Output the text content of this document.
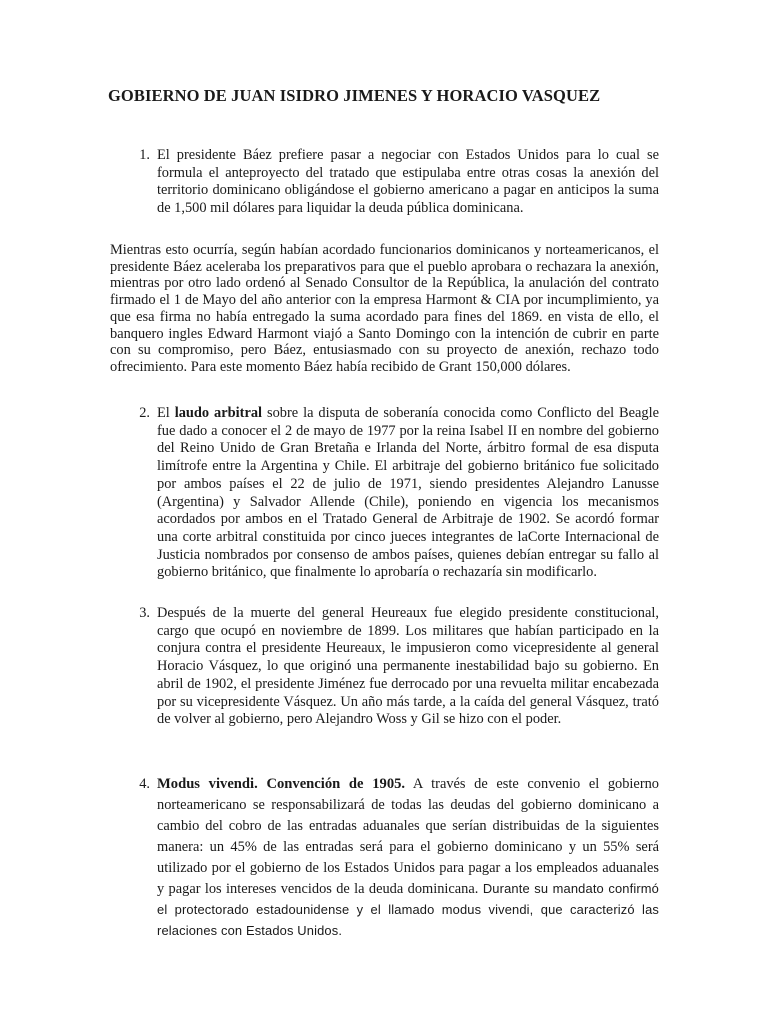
GOBIERNO DE JUAN ISIDRO JIMENES Y HORACIO VASQUEZ
1. El presidente Báez prefiere pasar a negociar con Estados Unidos para lo cual se formula el anteproyecto del tratado que estipulaba entre otras cosas la anexión del territorio dominicano obligándose el gobierno americano a pagar en anticipos la suma de 1,500 mil dólares para liquidar la deuda pública dominicana.
Mientras esto ocurría, según habían acordado funcionarios dominicanos y norteamericanos, el presidente Báez aceleraba los preparativos para que el pueblo aprobara o rechazara la anexión, mientras por otro lado ordenó al Senado Consultor de la República, la anulación del contrato firmado el 1 de Mayo del año anterior con la empresa Harmont & CIA por incumplimiento, ya que esa firma no había entregado la suma acordado para fines del 1869. en vista de ello, el banquero ingles Edward Harmont viajó a Santo Domingo con la intención de cubrir en parte con su compromiso, pero Báez, entusiasmado con su proyecto de anexión, rechazo todo ofrecimiento. Para este momento Báez había recibido de Grant 150,000 dólares.
2. El laudo arbitral sobre la disputa de soberanía conocida como Conflicto del Beagle fue dado a conocer el 2 de mayo de 1977 por la reina Isabel II en nombre del gobierno del Reino Unido de Gran Bretaña e Irlanda del Norte, árbitro formal de esa disputa limítrofe entre la Argentina y Chile. El arbitraje del gobierno británico fue solicitado por ambos países el 22 de julio de 1971, siendo presidentes Alejandro Lanusse (Argentina) y Salvador Allende (Chile), poniendo en vigencia los mecanismos acordados por ambos en el Tratado General de Arbitraje de 1902. Se acordó formar una corte arbitral constituida por cinco jueces integrantes de laCorte Internacional de Justicia nombrados por consenso de ambos países, quienes debían entregar su fallo al gobierno británico, que finalmente lo aprobaría o rechazaría sin modificarlo.
3. Después de la muerte del general Heureaux fue elegido presidente constitucional, cargo que ocupó en noviembre de 1899. Los militares que habían participado en la conjura contra el presidente Heureaux, le impusieron como vicepresidente al general Horacio Vásquez, lo que originó una permanente inestabilidad bajo su gobierno. En abril de 1902, el presidente Jiménez fue derrocado por una revuelta militar encabezada por su vicepresidente Vásquez. Un año más tarde, a la caída del general Vásquez, trató de volver al gobierno, pero Alejandro Woss y Gil se hizo con el poder.
4. Modus vivendi. Convención de 1905. A través de este convenio el gobierno norteamericano se responsabilizará de todas las deudas del gobierno dominicano a cambio del cobro de las entradas aduanales que serían distribuidas de la siguientes manera: un 45% de las entradas será para el gobierno dominicano y un 55% será utilizado por el gobierno de los Estados Unidos para pagar a los empleados aduanales y pagar los intereses vencidos de la deuda dominicana. Durante su mandato confirmó el protectorado estadounidense y el llamado modus vivendi, que caracterizó las relaciones con Estados Unidos.
